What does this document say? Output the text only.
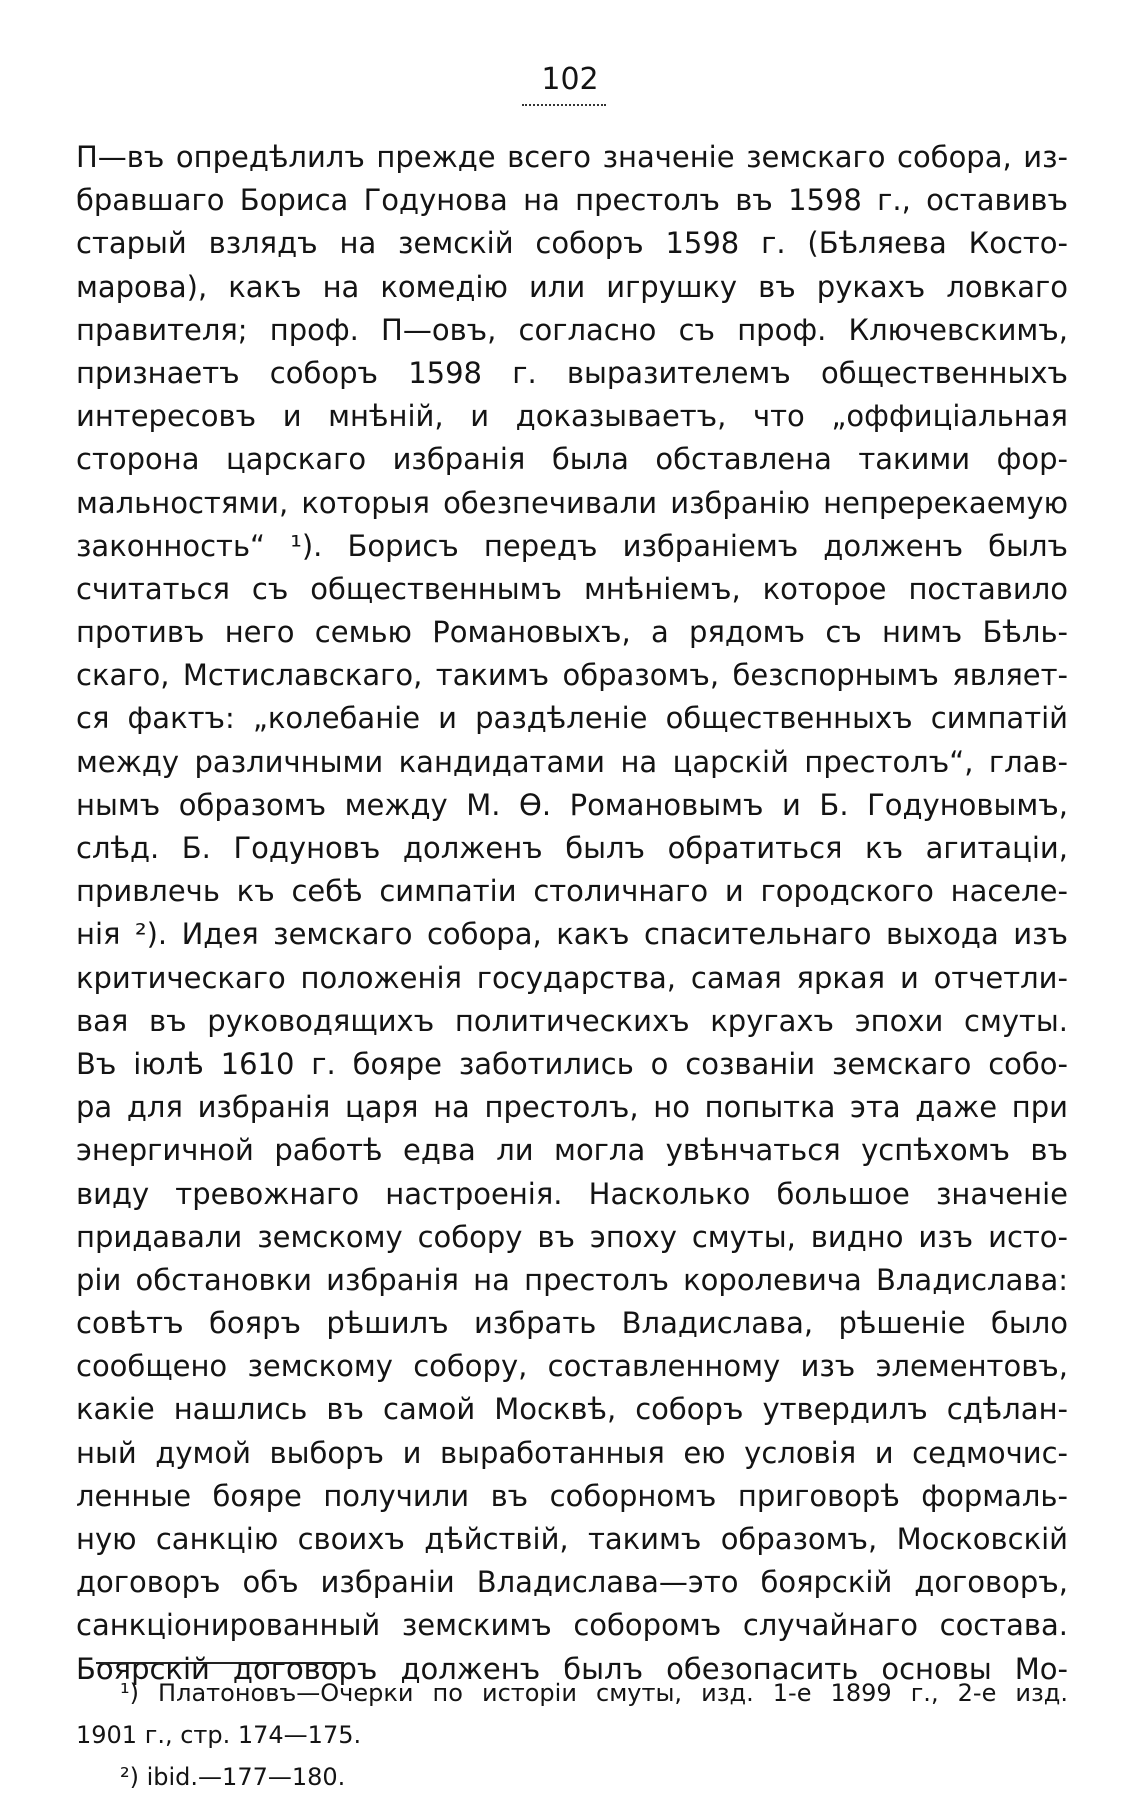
102
П—въ опредѣлилъ прежде всего значеніе земскаго собора, из-
бравшаго Бориса Годунова на престолъ въ 1598 г., оставивъ
старый взлядъ на земскій соборъ 1598 г. (Бѣляева Косто-
марова), какъ на комедію или игрушку въ рукахъ ловкаго
правителя; проф. П—овъ, согласно съ проф. Ключевскимъ,
признаетъ соборъ 1598 г. выразителемъ общественныхъ
интересовъ и мнѣній, и доказываетъ, что „оффиціальная
сторона царскаго избранія была обставлена такими фор-
мальностями, которыя обезпечивали избранію непререкаемую
законность“ ¹). Борисъ передъ избраніемъ долженъ былъ
считаться съ общественнымъ мнѣніемъ, которое поставило
противъ него семью Романовыхъ, а рядомъ съ нимъ Бѣль-
скаго, Мстиславскаго, такимъ образомъ, безспорнымъ являет-
ся фактъ: „колебаніе и раздѣленіе общественныхъ симпатій
между различными кандидатами на царскій престолъ“, глав-
нымъ образомъ между М. Ѳ. Романовымъ и Б. Годуновымъ,
слѣд. Б. Годуновъ долженъ былъ обратиться къ агитаціи,
привлечь къ себѣ симпатіи столичнаго и городского населе-
нія ²). Идея земскаго собора, какъ спасительнаго выхода изъ
критическаго положенія государства, самая яркая и отчетли-
вая въ руководящихъ политическихъ кругахъ эпохи смуты.
Въ іюлѣ 1610 г. бояре заботились о созваніи земскаго собо-
ра для избранія царя на престолъ, но попытка эта даже при
энергичной работѣ едва ли могла увѣнчаться успѣхомъ въ
виду тревожнаго настроенія. Насколько большое значеніе
придавали земскому собору въ эпоху смуты, видно изъ исто-
ріи обстановки избранія на престолъ королевича Владислава:
совѣтъ бояръ рѣшилъ избрать Владислава, рѣшеніе было
сообщено земскому собору, составленному изъ элементовъ,
какіе нашлись въ самой Москвѣ, соборъ утвердилъ сдѣлан-
ный думой выборъ и выработанныя ею условія и седмочис-
ленные бояре получили въ соборномъ приговорѣ формаль-
ную санкцію своихъ дѣйствій, такимъ образомъ, Московскій
договоръ объ избраніи Владислава—это боярскій договоръ,
санкціонированный земскимъ соборомъ случайнаго состава.
Боярскій договоръ долженъ былъ обезопасить основы Мо-
¹) Платоновъ—Очерки по исторіи смуты, изд. 1-е 1899 г., 2-е изд.
1901 г., стр. 174—175.
²) ibid.—177—180.
